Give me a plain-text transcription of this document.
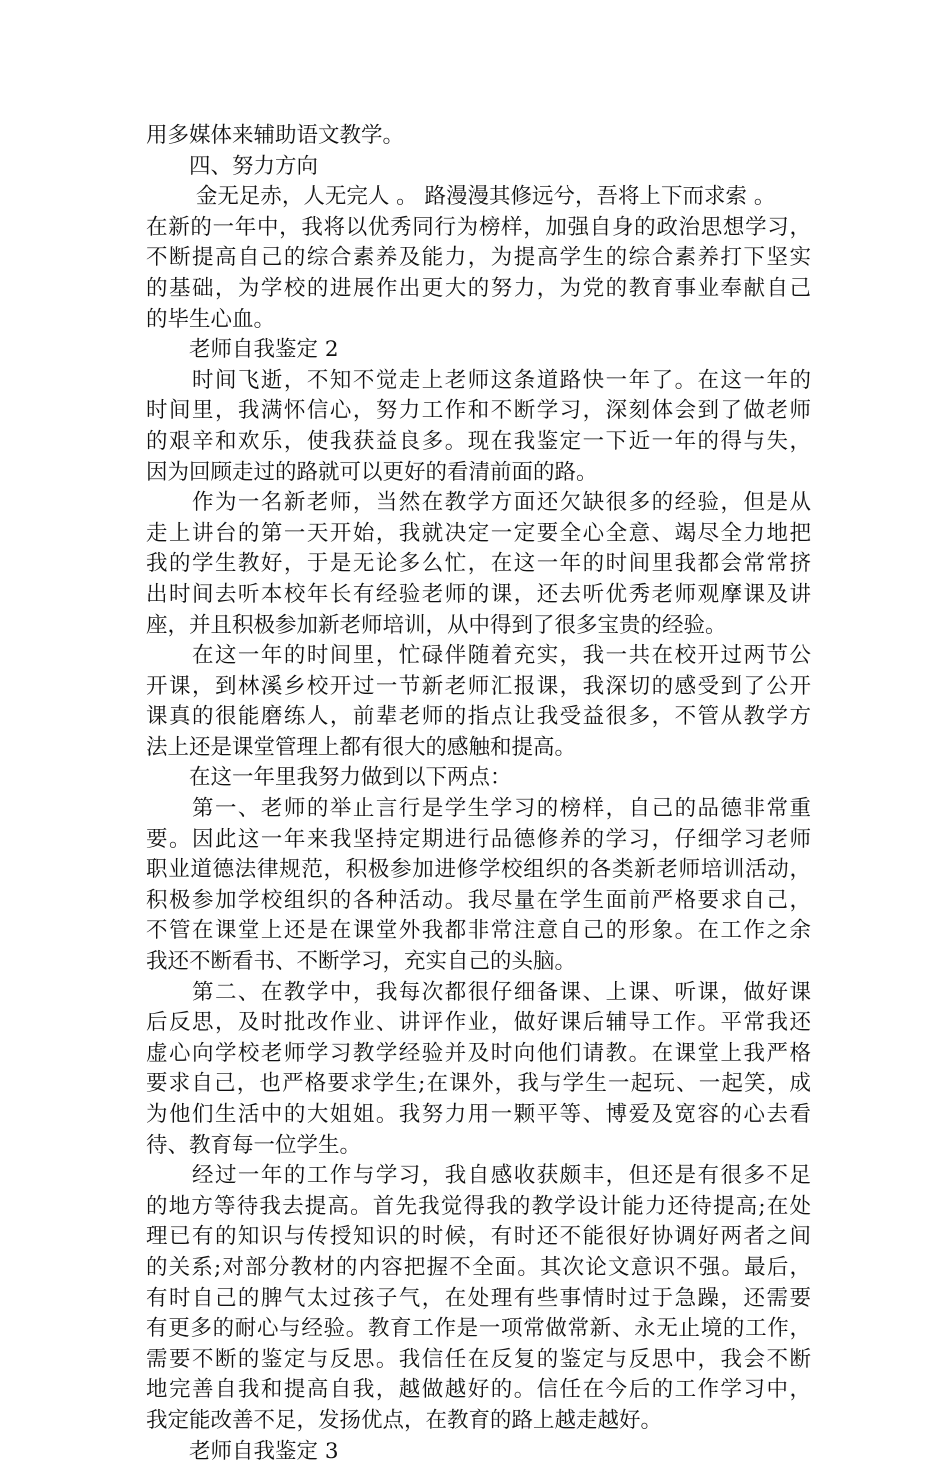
用多媒体来辅助语文教学。
　　四、努力方向
　　 金无足赤，人无完人 。 路漫漫其修远兮，吾将上下而求索 。
在新的一年中，我将以优秀同行为榜样，加强自身的政治思想学习，
不断提高自己的综合素养及能力，为提高学生的综合素养打下坚实
的基础，为学校的进展作出更大的努力，为党的教育事业奉献自己
的毕生心血。
　　老师自我鉴定 2
　　时间飞逝，不知不觉走上老师这条道路快一年了。在这一年的
时间里，我满怀信心，努力工作和不断学习，深刻体会到了做老师
的艰辛和欢乐，使我获益良多。现在我鉴定一下近一年的得与失，
因为回顾走过的路就可以更好的看清前面的路。
　　作为一名新老师，当然在教学方面还欠缺很多的经验，但是从
走上讲台的第一天开始，我就决定一定要全心全意、竭尽全力地把
我的学生教好，于是无论多么忙，在这一年的时间里我都会常常挤
出时间去听本校年长有经验老师的课，还去听优秀老师观摩课及讲
座，并且积极参加新老师培训，从中得到了很多宝贵的经验。
　　在这一年的时间里，忙碌伴随着充实，我一共在校开过两节公
开课，到林溪乡校开过一节新老师汇报课，我深切的感受到了公开
课真的很能磨练人，前辈老师的指点让我受益很多，不管从教学方
法上还是课堂管理上都有很大的感触和提高。
　　在这一年里我努力做到以下两点：
　　第一、老师的举止言行是学生学习的榜样，自己的品德非常重
要。因此这一年来我坚持定期进行品德修养的学习，仔细学习老师
职业道德法律规范，积极参加进修学校组织的各类新老师培训活动，
积极参加学校组织的各种活动。我尽量在学生面前严格要求自己，
不管在课堂上还是在课堂外我都非常注意自己的形象。在工作之余
我还不断看书、不断学习，充实自己的头脑。
　　第二、在教学中，我每次都很仔细备课、上课、听课，做好课
后反思，及时批改作业、讲评作业，做好课后辅导工作。平常我还
虚心向学校老师学习教学经验并及时向他们请教。在课堂上我严格
要求自己，也严格要求学生;在课外，我与学生一起玩、一起笑，成
为他们生活中的大姐姐。我努力用一颗平等、博爱及宽容的心去看
待、教育每一位学生。
　　经过一年的工作与学习，我自感收获颇丰，但还是有很多不足
的地方等待我去提高。首先我觉得我的教学设计能力还待提高;在处
理已有的知识与传授知识的时候，有时还不能很好协调好两者之间
的关系;对部分教材的内容把握不全面。其次论文意识不强。最后，
有时自己的脾气太过孩子气，在处理有些事情时过于急躁，还需要
有更多的耐心与经验。教育工作是一项常做常新、永无止境的工作，
需要不断的鉴定与反思。我信任在反复的鉴定与反思中，我会不断
地完善自我和提高自我，越做越好的。信任在今后的工作学习中，
我定能改善不足，发扬优点，在教育的路上越走越好。
　　老师自我鉴定 3
